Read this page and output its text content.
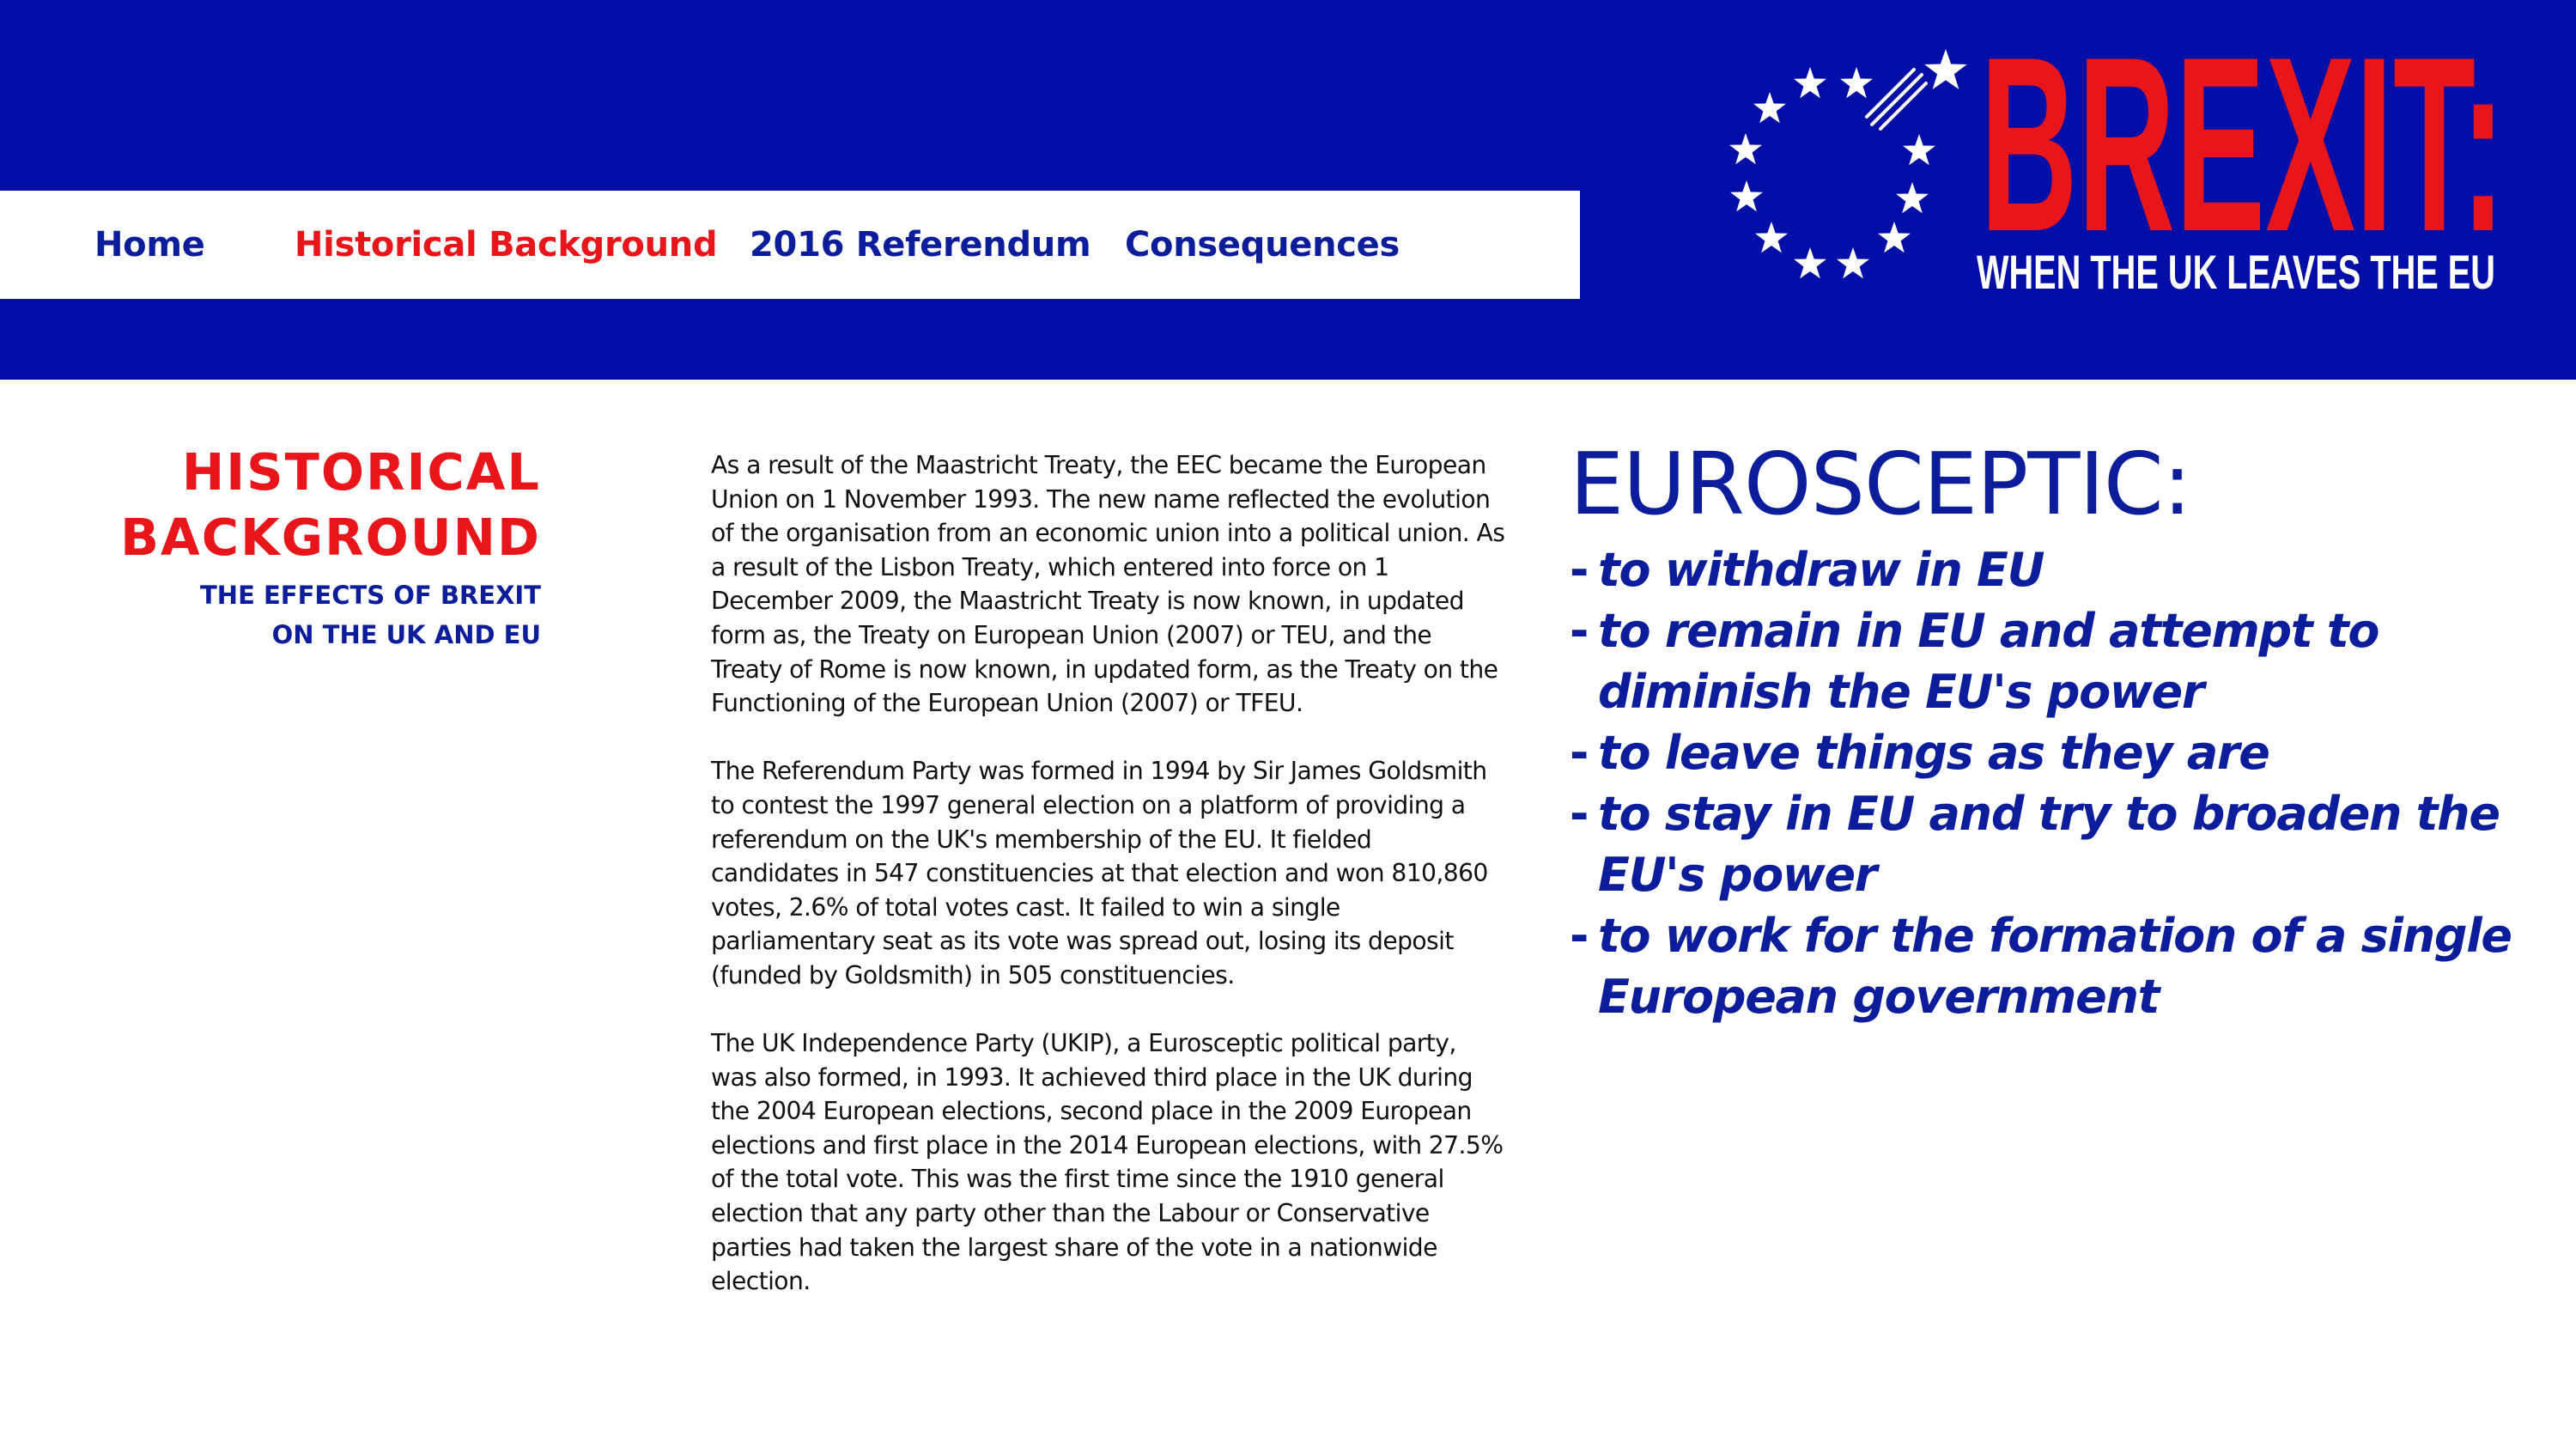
Home	Historical Background 2016 Referendum Consequences BREXIT:
WHEN THE UK LEAVES THE EU
HISTORICAL
BACKGROUND
THE EFFECTS OF BREXIT
ON THE UK AND EU

As a result of the Maastricht Treaty, the EEC became the European Union on 1 November 1993. The new name reflected the evolution of the organisation from an economic union into a political union. As a result of the Lisbon Treaty, which entered into force on 1 December 2009, the Maastricht Treaty is now known, in updated form as, the Treaty on European Union (2007) or TEU, and the Treaty of Rome is now known, in updated form, as the Treaty on the Functioning of the European Union (2007) or TFEU.

The Referendum Party was formed in 1994 by Sir James Goldsmith to contest the 1997 general election on a platform of providing a referendum on the UK's membership of the EU. It fielded candidates in 547 constituencies at that election and won 810,860 votes, 2.6% of total votes cast. It failed to win a single parliamentary seat as its vote was spread out, losing its deposit (funded by Goldsmith) in 505 constituencies.

The UK Independence Party (UKIP), a Eurosceptic political party, was also formed, in 1993. It achieved third place in the UK during the 2004 European elections, second place in the 2009 European elections and first place in the 2014 European elections, with 27.5% of the total vote. This was the first time since the 1910 general election that any party other than the Labour or Conservative parties had taken the largest share of the vote in a nationwide election.

EUROSCEPTIC:
- to withdraw in EU
- to remain in EU and attempt to diminish the EU's power
- to leave things as they are
- to stay in EU and try to broaden the EU's power
- to work for the formation of a single European government
